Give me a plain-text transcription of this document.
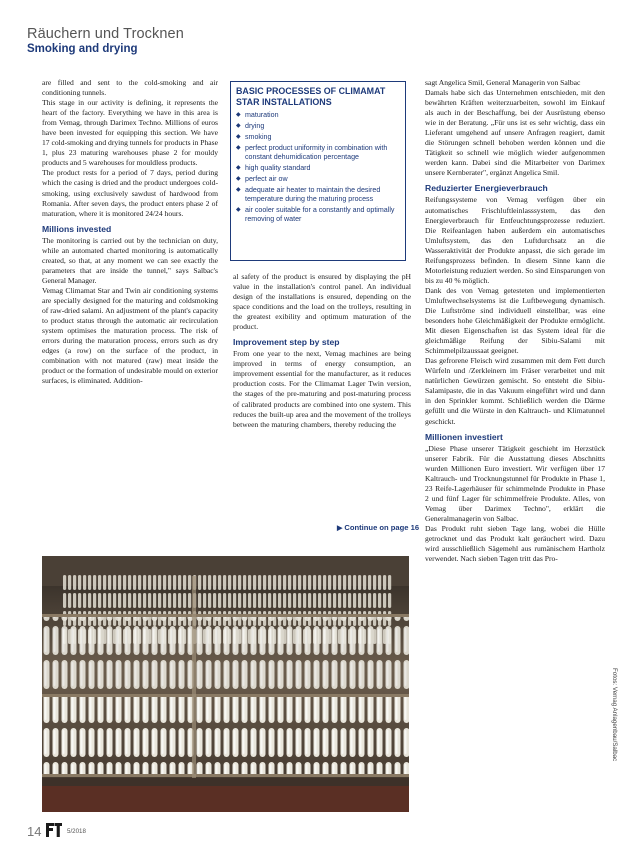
Räuchern und Trocknen
Smoking and drying

are filled and sent to the cold-smoking and air conditioning tunnels.

This stage in our activity is defining, it represents the heart of the factory. Everything we have in this area is from Vemag, through Darimex Techno. Millions of euros have been invested for equipping this section. We have 17 cold-smoking and drying tunnels for products in Phase 1, plus 23 maturing warehouses phase 2 for mouldy products and 5 warehouses for mouldless products.

The product rests for a period of 7 days, period during which the casing is dried and the product undergoes cold-smoking, using exclusively sawdust of hardwood from Romania. After seven days, the product enters phase 2 of maturation, where it is monitored 24/24 hours.

Millions invested

The monitoring is carried out by the technician on duty, while an automated charted monitoring is automatically created, so that, at any moment we can see exactly the parameters that are inside the tunnel," says Salbac's General Manager.

Vemag Climamat Star and Twin air conditioning systems are specially designed for the maturing and coldsmoking of raw-dried salami. An adjustment of the plant's capacity to product status through the automatic air recirculation system optimises the maturation process. The risk of errors during the maturation process, errors such as dry edges (a row) on the surface of the product, in combination with not matured (raw) meat inside the product or the formation of undesirable mould on exterior surfaces, is eliminated. Addition-

BASIC PROCESSES OF CLIMAMAT STAR INSTALLATIONS
◆ maturation
◆ drying
◆ smoking
◆ perfect product uniformity in combination with constant dehumidication percentage
◆ high quality standard
◆ perfect air ow
◆ adequate air heater to maintain the desired temperature during the maturing process
◆ air cooler suitable for a constantly and optimally removing of water

al safety of the product is ensured by displaying the pH value in the installation's control panel. An individual design of the installations is ensured, depending on the space conditions and the load on the trolleys, resulting in the greatest exibility and optimum maturation of the product.

Improvement step by step

From one year to the next, Vemag machines are being improved in terms of energy consumption, an improvement essential for the manufacturer, as it reduces production costs. For the Climamat Lager Twin version, the stages of the pre-maturing and post-maturing process of calibrated products are combined into one system. This reduces the built-up area and the movement of the trolleys between the maturing chambers, thereby reducing the

▶ Continue on page 16

sagt Angelica Smil, General Managerin von Salbac

Damals habe sich das Unternehmen entschieden, mit den bewährten Kräften weiterzuarbeiten, sowohl im Einkauf als auch in der Beschaffung, bei der Ausrüstung ebenso wie in der Beratung. „Für uns ist es sehr wichtig, dass ein Lieferant umgehend auf unsere Anfragen reagiert, damit die Störungen schnell behoben werden können und die Tätigkeit so schnell wie möglich wieder aufgenommen werden kann. Dabei sind die Mitarbeiter von Darimex unsere Kernberater", ergänzt Angelica Smil.

Reduzierter Energieverbrauch

Reifungssysteme von Vemag verfügen über ein automatisches Frischluftleinlasssystem, das den Energieverbrauch für Entfeuchtungsprozesse reduziert. Die Reifeanlagen haben außerdem ein automatisches Umluftsystem, das den Luftdurchsatz an die Wasseraktivität der Produkte anpasst, die sich gerade im Reifungsprozess befinden. In diesem Sinne kann die Motorleistung reduziert werden. So sind Einsparungen von bis zu 40 % möglich.

Dank des von Vemag getesteten und implementierten Umluftwechselsystems ist die Luftbewegung dynamisch. Die Luftströme sind individuell einstellbar, was eine besonders hohe Gleichmäßigkeit der Produkte ermöglicht. Mit diesen Eigenschaften ist das System ideal für die gleichmäßige Reifung der Sibiu-Salami mit Schimmelpilzaussaat geeignet.

Das gefrorene Fleisch wird zusammen mit dem Fett durch Würfeln und /Zerkleinern im Fräser verarbeitet und mit natürlichen Gewürzen gemischt. So entsteht die Sibiu-Salamipaste, die in das Vakuum eingeführt wird und dann in den Sprinkler kommt. Schließlich werden die Därme gefüllt und die Würste in den Kaltrauch- und Klimatunnel geschickt.

Millionen investiert

„Diese Phase unserer Tätigkeit geschieht im Herzstück unserer Fabrik. Für die Ausstattung dieses Abschnitts wurden Millionen Euro investiert. Wir verfügen über 17 Kaltrauch- und Trocknungstunnel für Produkte in Phase 1, 23 Reife-Lagerhäuser für schimmelnde Produkte in Phase 2 und fünf Lager für schimmelfreie Produkte. Alles, von Vemag über Darimex Techno", erklärt die Generalmanagerin von Salbac.

Das Produkt ruht sieben Tage lang, wobei die Hülle getrocknet und das Produkt kalt geräuchert wird. Dazu wird ausschließlich Sägemehl aus rumänischem Hartholz verwendet. Nach sieben Tagen tritt das Pro-

Fotos: Vemag Anlagenbau/Salbac
14	5/2018
